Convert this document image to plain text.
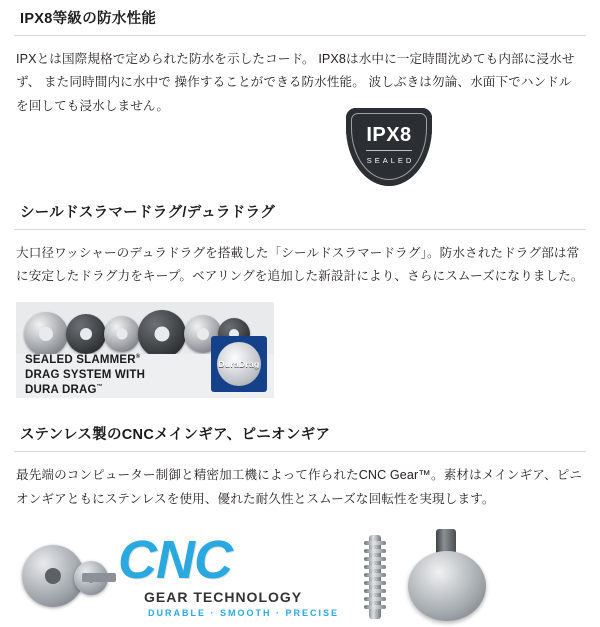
IPX8等級の防水性能
IPXとは国際規格で定められた防水を示したコード。 IPX8は水中に一定時間沈めても内部に浸水せず、 また同時間内に水中で 操作することができる防水性能。 波しぶきは勿論、水面下でハンドルを回しても浸水しません。
IPX8
SEALED
シールドスラマードラグ/デュラドラグ
大口径ワッシャーのデュラドラグを搭載した「シールドスラマードラグ」。防水されたドラグ部は常に安定したドラグ力をキープ。ベアリングを追加した新設計により、さらにスムーズになりました。
SEALED SLAMMER®
DRAG SYSTEM WITH
DURA DRAG™
DuraDrag
ステンレス製のCNCメインギア、ピニオンギア
最先端のコンピューター制御と精密加工機によって作られたCNC Gear™。素材はメインギア、ピニオンギアともにステンレスを使用、優れた耐久性とスムーズな回転性を実現します。
CNC
GEAR TECHNOLOGY
DURABLE · SMOOTH · PRECISE
